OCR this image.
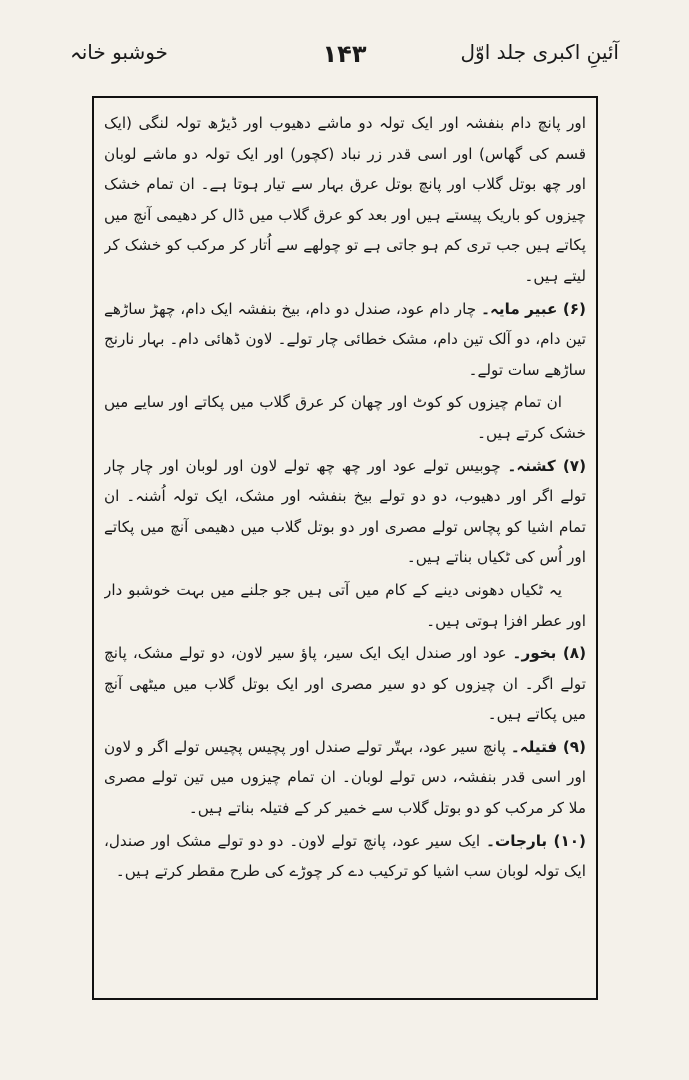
آئینِ اکبری جلد اوّل
۱۴۳
خوشبو خانہ

اور پانچ دام بنفشہ اور ایک تولہ دو ماشے دھیوب اور ڈیڑھ تولہ لنگی (ایک قسم کی گھاس) اور اسی قدر زر نباد (کچور) اور ایک تولہ دو ماشے لوبان اور چھ بوتل گلاب اور پانچ بوتل عرق بہار سے تیار ہوتا ہے۔ ان تمام خشک چیزوں کو باریک پیستے ہیں اور بعد کو عرق گلاب میں ڈال کر دھیمی آنچ میں پکاتے ہیں جب تری کم ہو جاتی ہے تو چولھے سے اُتار کر مرکب کو خشک کر لیتے ہیں۔

(۶) عبیر مایہ۔ چار دام عود، صندل دو دام، بیخ بنفشہ ایک دام، چھڑ ساڑھے تین دام، دو آلک تین دام، مشک خطائی چار تولے۔ لاون ڈھائی دام۔ بہار نارنج ساڑھے سات تولے۔

ان تمام چیزوں کو کوٹ اور چھان کر عرق گلاب میں پکاتے اور سایے میں خشک کرتے ہیں۔

(۷) کشنہ۔ چوبیس تولے عود اور چھ چھ تولے لاون اور لوبان اور چار چار تولے اگر اور دھیوب، دو دو تولے بیخ بنفشہ اور مشک، ایک تولہ اُشنہ۔ ان تمام اشیا کو پچاس تولے مصری اور دو بوتل گلاب میں دھیمی آنچ میں پکاتے اور اُس کی ٹکیاں بناتے ہیں۔

یہ ٹکیاں دھونی دینے کے کام میں آتی ہیں جو جلنے میں بہت خوشبو دار اور عطر افزا ہوتی ہیں۔

(۸) بخور۔ عود اور صندل ایک ایک سیر، پاؤ سیر لاون، دو تولے مشک، پانچ تولے اگر۔ ان چیزوں کو دو سیر مصری اور ایک بوتل گلاب میں میٹھی آنچ میں پکاتے ہیں۔

(۹) فتیلہ۔ پانچ سیر عود، بہتّر تولے صندل اور پچیس پچیس تولے اگر و لاون اور اسی قدر بنفشہ، دس تولے لوبان۔ ان تمام چیزوں میں تین تولے مصری ملا کر مرکب کو دو بوتل گلاب سے خمیر کر کے فتیلہ بناتے ہیں۔

(۱۰) بارجات۔ ایک سیر عود، پانچ تولے لاون۔ دو دو تولے مشک اور صندل، ایک تولہ لوبان سب اشیا کو ترکیب دے کر چوڑے کی طرح مقطر کرتے ہیں۔
